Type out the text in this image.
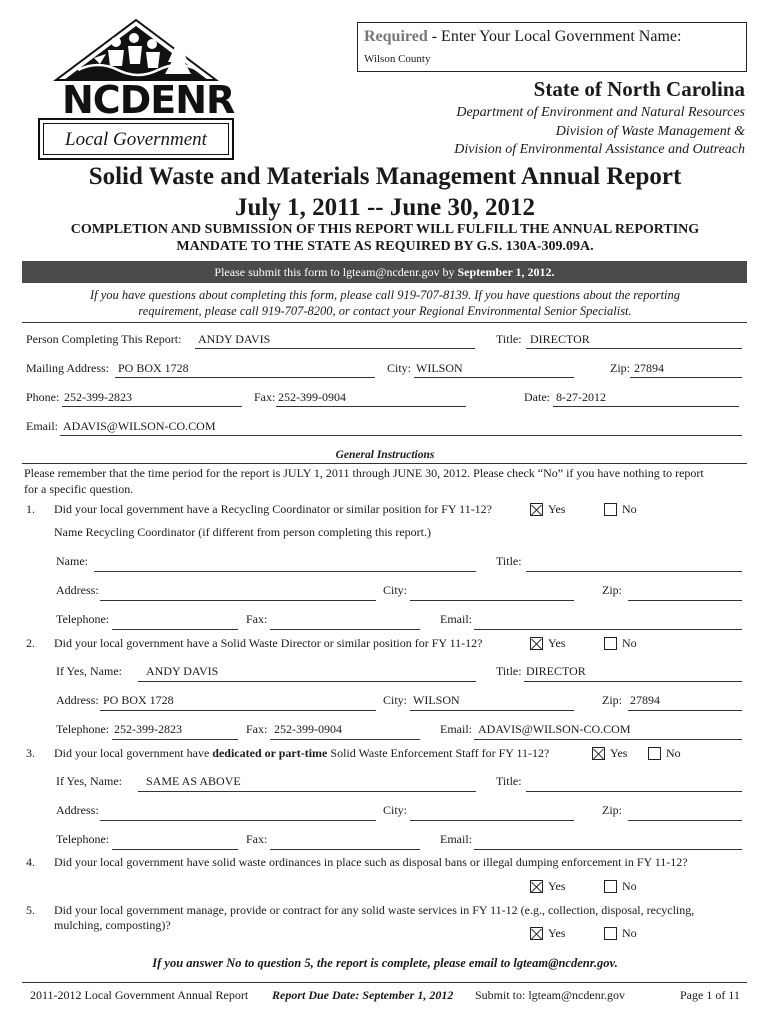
NCDENR
Local Government
Required - Enter Your Local Government Name:
Wilson County
State of North Carolina
Department of Environment and Natural Resources
Division of Waste Management &
Division of Environmental Assistance and Outreach
Solid Waste and Materials Management Annual Report
July 1, 2011 -- June 30, 2012
COMPLETION AND SUBMISSION OF THIS REPORT WILL FULFILL THE ANNUAL REPORTING
MANDATE TO THE STATE AS REQUIRED BY G.S. 130A-309.09A.
Please submit this form to lgteam@ncdenr.gov by September 1, 2012.
If you have questions about completing this form, please call 919-707-8139. If you have questions about the reporting
requirement, please call 919-707-8200, or contact your Regional Environmental Senior Specialist.
Person Completing This Report: ANDY DAVIS	Title: DIRECTOR
Mailing Address: PO BOX 1728	City: WILSON	Zip: 27894
Phone: 252-399-2823	Fax: 252-399-0904	Date: 8-27-2012
Email: ADAVIS@WILSON-CO.COM
General Instructions
Please remember that the time period for the report is JULY 1, 2011 through JUNE 30, 2012. Please check “No” if you have nothing to report
for a specific question.
1. Did your local government have a Recycling Coordinator or similar position for FY 11-12?	Yes	No
Name Recycling Coordinator (if different from person completing this report.)
Name:	Title:
Address:	City:	Zip:
Telephone:	Fax:	Email:
2. Did your local government have a Solid Waste Director or similar position for FY 11-12?	Yes	No
If Yes, Name: ANDY DAVIS	Title: DIRECTOR
Address: PO BOX 1728	City: WILSON	Zip: 27894
Telephone: 252-399-2823	Fax: 252-399-0904	Email: ADAVIS@WILSON-CO.COM
3. Did your local government have dedicated or part-time Solid Waste Enforcement Staff for FY 11-12?	Yes	No
If Yes, Name: SAME AS ABOVE	Title:
Address:	City:	Zip:
Telephone:	Fax:	Email:
4. Did your local government have solid waste ordinances in place such as disposal bans or illegal dumping enforcement in FY 11-12?
Yes	No
5. Did your local government manage, provide or contract for any solid waste services in FY 11-12 (e.g., collection, disposal, recycling,
mulching, composting)?
Yes	No
If you answer No to question 5, the report is complete, please email to lgteam@ncdenr.gov.
2011-2012 Local Government Annual Report Report Due Date: September 1, 2012 Submit to: lgteam@ncdenr.gov	Page 1 of 11
